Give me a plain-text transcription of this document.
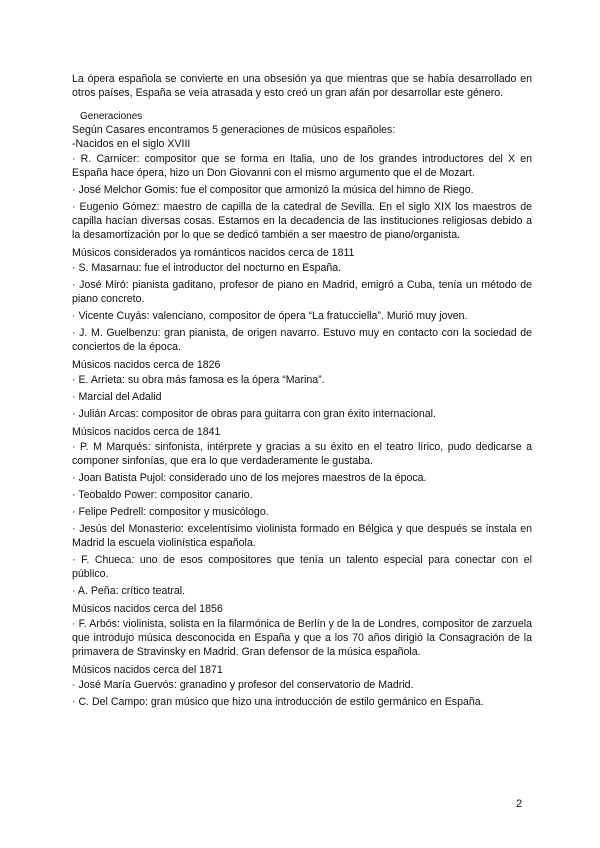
La ópera española se convierte en una obsesión ya que mientras que se había desarrollado en otros países, España se veía atrasada y esto creó un gran afán por desarrollar este género.

Generaciones

Según Casares encontramos 5 generaciones de músicos españoles:

-Nacidos en el siglo XVIII

· R. Carnicer: compositor que se forma en Italia, uno de los grandes introductores del X en España hace ópera, hizo un Don Giovanni con el mismo argumento que el de Mozart.

· José Melchor Gomis: fue el compositor que armonizó la música del himno de Riego.

· Eugenio Gómez: maestro de capilla de la catedral de Sevilla. En el siglo XIX los maestros de capilla hacían diversas cosas. Estamos en la decadencia de las instituciones religiosas debido a la desamortización por lo que se dedicó también a ser maestro de piano/organista.

Músicos considerados ya románticos nacidos cerca de 1811

· S. Masarnau: fue el introductor del nocturno en España.

· José Miró: pianista gaditano, profesor de piano en Madrid, emigró a Cuba, tenía un método de piano concreto.

· Vicente Cuyás: valenciano, compositor de ópera “La fratucciella”. Murió muy joven.

· J. M. Guelbenzu: gran pianista, de origen navarro. Estuvo muy en contacto con la sociedad de conciertos de la época.

Músicos nacidos cerca de 1826

· E. Arrieta: su obra más famosa es la ópera “Marina”.

· Marcial del Adalid

· Julián Arcas: compositor de obras para guitarra con gran éxito internacional.

Músicos nacidos cerca de 1841

· P. M Marqués: sinfonista, intérprete y gracias a su éxito en el teatro lírico, pudo dedicarse a componer sinfonías, que era lo que verdaderamente le gustaba.

· Joan Batista Pujol: considerado uno de los mejores maestros de la época.

· Teobaldo Power: compositor canario.

· Felipe Pedrell: compositor y musicólogo.

· Jesús del Monasterio: excelentísimo violinista formado en Bélgica y que después se instala en Madrid la escuela violinística española.

· F. Chueca: uno de esos compositores que tenía un talento especial para conectar con el público.

· A. Peña: crítico teatral.

Músicos nacidos cerca del 1856

· F. Arbós: violinista, solista en la filarmónica de Berlín y de la de Londres, compositor de zarzuela que introdujo música desconocida en España y que a los 70 años dirigió la Consagración de la primavera de Stravinsky en Madrid. Gran defensor de la música española.

Músicos nacidos cerca del 1871

· José María Guervós: granadino y profesor del conservatorio de Madrid.

· C. Del Campo: gran músico que hizo una introducción de estilo germánico en España.

2
